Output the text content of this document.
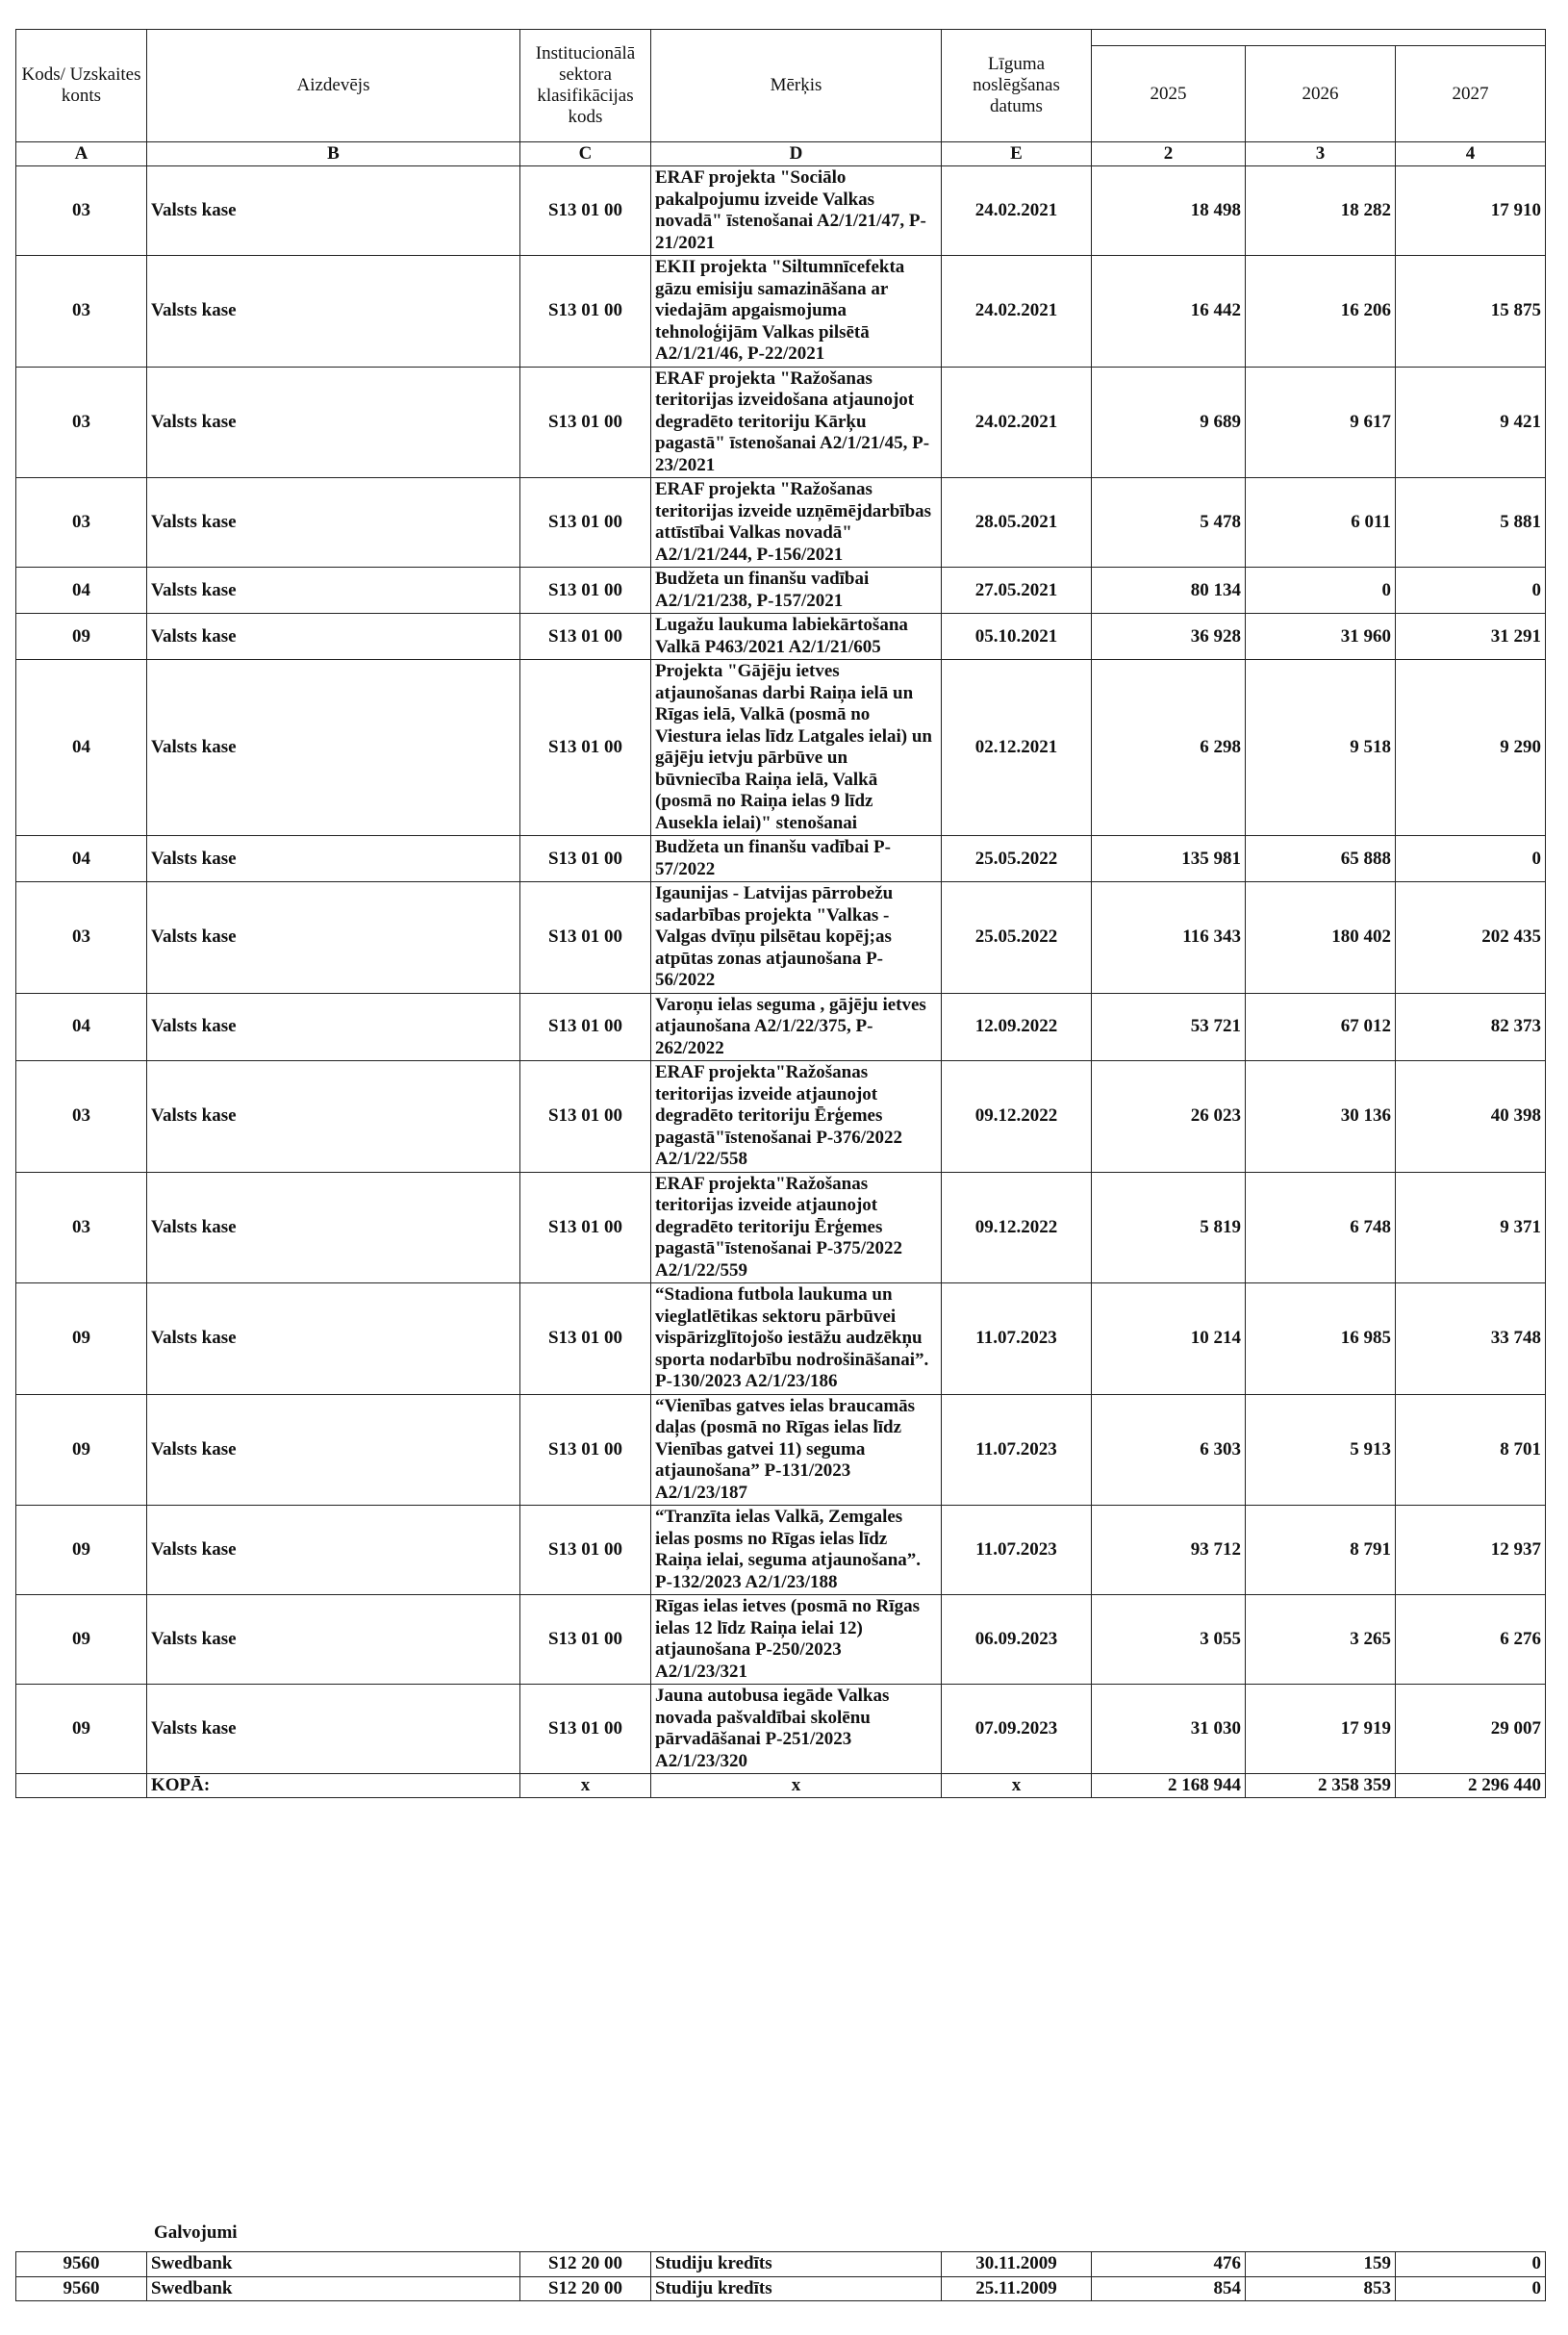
Kods/ Uzskaites konts	Aizdevējs	Institucionālā sektora klasifikācijas kods	Mērķis	Līguma noslēgšanas datums			
					2025	2026	2027
A	B	C	D	E	2	3	4
03	Valsts kase	S13 01 00	ERAF projekta "Sociālo pakalpojumu izveide Valkas novadā" īstenošanai A2/1/21/47, P-21/2021	24.02.2021	18 498	18 282	17 910
03	Valsts kase	S13 01 00	EKII projekta "Siltumnīcefekta gāzu emisiju samazināšana ar viedajām apgaismojuma tehnoloģijām Valkas pilsētā A2/1/21/46, P-22/2021	24.02.2021	16 442	16 206	15 875
03	Valsts kase	S13 01 00	ERAF projekta "Ražošanas teritorijas izveidošana atjaunojot degradēto teritoriju Kārķu pagastā" īstenošanai A2/1/21/45, P-23/2021	24.02.2021	9 689	9 617	9 421
03	Valsts kase	S13 01 00	ERAF projekta "Ražošanas teritorijas izveide uzņēmējdarbības attīstībai Valkas novadā" A2/1/21/244, P-156/2021	28.05.2021	5 478	6 011	5 881
04	Valsts kase	S13 01 00	Budžeta un finanšu vadībai A2/1/21/238, P-157/2021	27.05.2021	80 134	0	0
09	Valsts kase	S13 01 00	Lugažu laukuma labiekārtošana Valkā P463/2021 A2/1/21/605	05.10.2021	36 928	31 960	31 291
04	Valsts kase	S13 01 00	Projekta "Gājēju ietves atjaunošanas darbi Raiņa ielā un Rīgas ielā, Valkā (posmā no Viestura ielas līdz Latgales ielai) un gājēju ietvju pārbūve un būvniecība Raiņa ielā, Valkā (posmā no Raiņa ielas 9 līdz Ausekla ielai)" stenošanai	02.12.2021	6 298	9 518	9 290
04	Valsts kase	S13 01 00	Budžeta un finanšu vadībai P-57/2022	25.05.2022	135 981	65 888	0
03	Valsts kase	S13 01 00	Igaunijas - Latvijas pārrobežu sadarbības projekta "Valkas - Valgas dvīņu pilsētau kopēj;as atpūtas zonas atjaunošana P-56/2022	25.05.2022	116 343	180 402	202 435
04	Valsts kase	S13 01 00	Varoņu ielas seguma , gājēju ietves atjaunošana A2/1/22/375, P-262/2022	12.09.2022	53 721	67 012	82 373
03	Valsts kase	S13 01 00	ERAF projekta"Ražošanas teritorijas izveide atjaunojot degradēto teritoriju Ērģemes pagastā"īstenošanai P-376/2022 A2/1/22/558	09.12.2022	26 023	30 136	40 398
03	Valsts kase	S13 01 00	ERAF projekta"Ražošanas teritorijas izveide atjaunojot degradēto teritoriju Ērģemes pagastā"īstenošanai P-375/2022 A2/1/22/559	09.12.2022	5 819	6 748	9 371
09	Valsts kase	S13 01 00	“Stadiona futbola laukuma un vieglatlētikas sektoru pārbūvei vispārizglītojošo iestāžu audzēkņu sporta nodarbību nodrošināšanai”. P-130/2023 A2/1/23/186	11.07.2023	10 214	16 985	33 748
09	Valsts kase	S13 01 00	“Vienības gatves ielas braucamās daļas (posmā no Rīgas ielas līdz Vienības gatvei 11) seguma atjaunošana” P-131/2023 A2/1/23/187	11.07.2023	6 303	5 913	8 701
09	Valsts kase	S13 01 00	“Tranzīta ielas Valkā, Zemgales ielas posms no Rīgas ielas līdz Raiņa ielai, seguma atjaunošana”. P-132/2023 A2/1/23/188	11.07.2023	93 712	8 791	12 937
09	Valsts kase	S13 01 00	Rīgas ielas ietves (posmā no Rīgas ielas 12 līdz Raiņa ielai 12) atjaunošana P-250/2023 A2/1/23/321	06.09.2023	3 055	3 265	6 276
09	Valsts kase	S13 01 00	Jauna autobusa iegāde Valkas novada pašvaldībai skolēnu pārvadāšanai P-251/2023 A2/1/23/320	07.09.2023	31 030	17 919	29 007
	KOPĀ:	x	x	x	2 168 944	2 358 359	2 296 440
Galvojumi
9560	Swedbank	S12 20 00	Studiju kredīts	30.11.2009	476	159	0
9560	Swedbank	S12 20 00	Studiju kredīts	25.11.2009	854	853	0
